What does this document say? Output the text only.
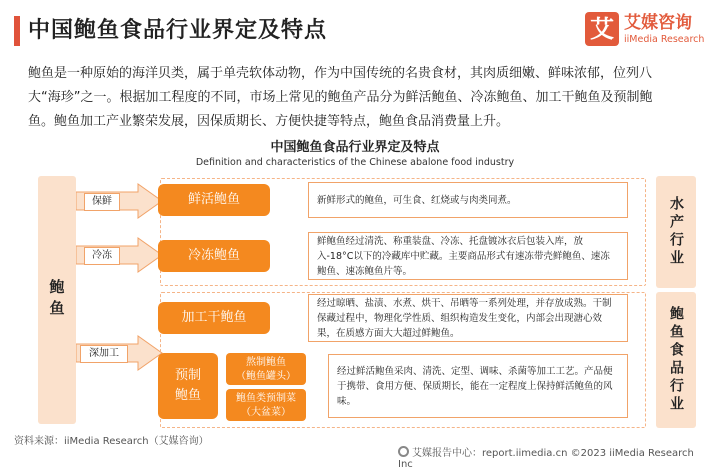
中国鲍鱼食品行业界定及特点	艾 艾媒咨询
iiMedia Research
鲍鱼是一种原始的海洋贝类，属于单壳软体动物，作为中国传统的名贵食材，其肉质细嫩、鲜味浓郁，位列八大“海珍”之一。根据加工程度的不同，市场上常见的鲍鱼产品分为鲜活鲍鱼、冷冻鲍鱼、加工干鲍鱼及预制鲍鱼。鲍鱼加工产业繁荣发展，因保质期长、方便快捷等特点，鲍鱼食品消费量上升。
中国鲍鱼食品行业界定及特点
Definition and characteristics of the Chinese abalone food industry
鲍鱼
保鲜
冷冻
深加工
鲜活鲍鱼	新鲜形式的鲍鱼，可生食、红烧或与肉类同煮。
冷冻鲍鱼
鲜鲍鱼经过清洗、称重装盘、冷冻、托盘镀冰衣后包装入库，放入-18°C以下的冷藏库中贮藏。主要商品形式有速冻带壳鲜鲍鱼、速冻鲍鱼、速冻鲍鱼片等。
加工干鲍鱼
经过晾晒、盐渍、水煮、烘干、吊晒等一系列处理，并存放成熟。干制保藏过程中，物理化学性质、组织构造发生变化，内部会出现溏心效果，在质感方面大大超过鲜鲍鱼。
预制鲍鱼
熬制鲍鱼
（鲍鱼罐头）
鲍鱼类预制菜
（大盆菜）
经过鲜活鲍鱼采肉、清洗、定型、调味、杀菌等加工工艺。产品便于携带、食用方便、保质期长，能在一定程度上保持鲜活鲍鱼的风味。
水产行业
鲍鱼食品行业
资料来源：iiMedia Research（艾媒咨询）
艾媒报告中心：report.iimedia.cn ©2023 iiMedia Research Inc
